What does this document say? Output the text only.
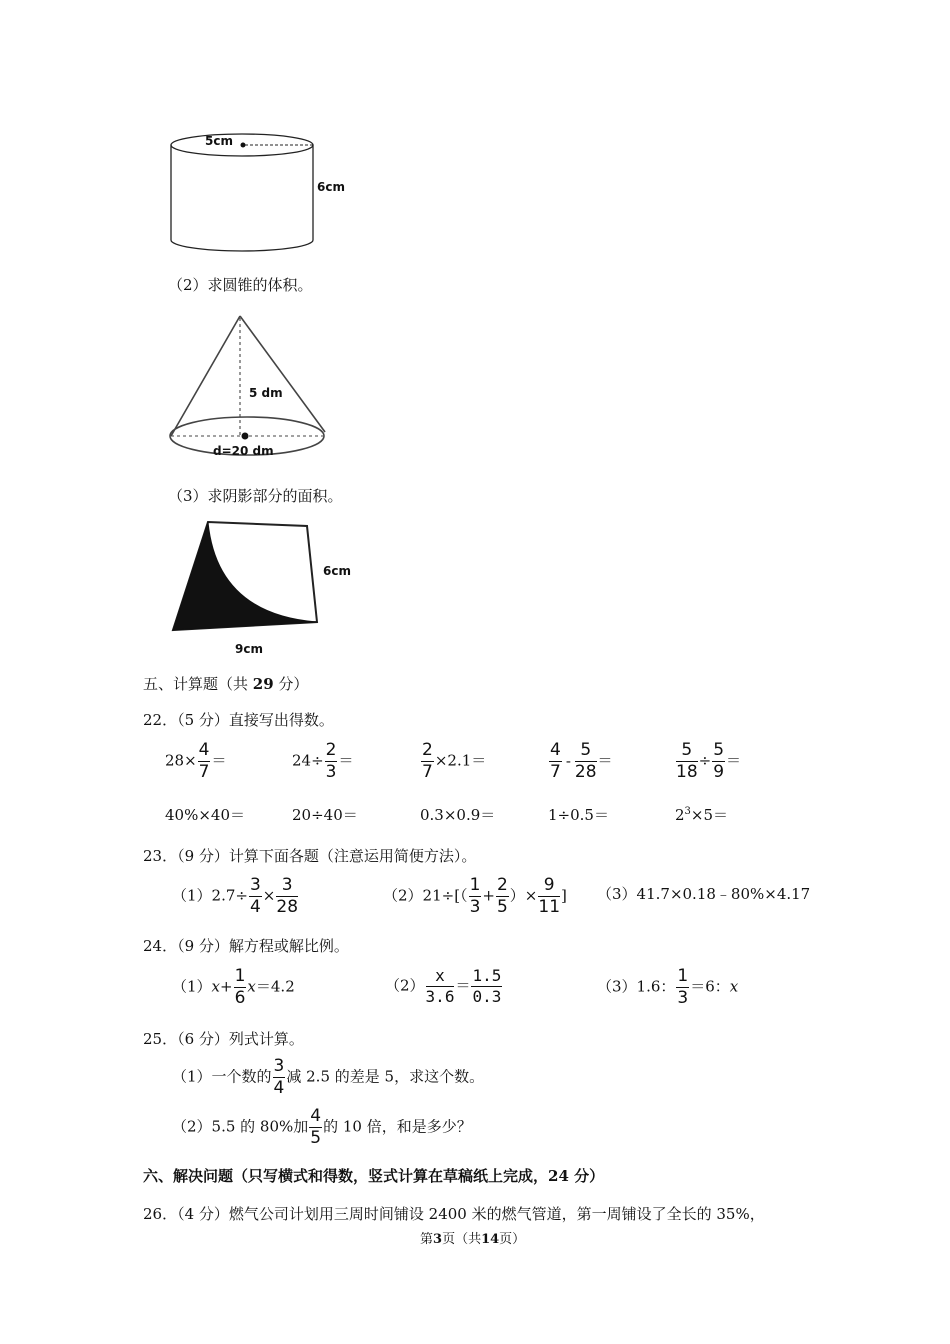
5cm
6cm
（2）求圆锥的体积。
5 dm
d=20 dm
（3）求阴影部分的面积。
6cm
9cm
五、计算题（共 29 分）
22．（5 分）直接写出得数。
$28\times \frac{4}{7}$ ＝	$24\div \frac{2}{3}$ ＝	$\frac{2}{7} \times 2.1=$	$\frac{4}{7} - \frac{5}{28}$ ＝	$\frac{5}{18} \div \frac{5}{9}$ ＝
40%×40＝	20÷40＝	0.3×0.9＝	1÷0.5＝	$2^3\times 5=$
23．（9 分）计算下面各题（注意运用简便方法）。
$(1)2.7\div \frac{3}{4} \times \frac{3}{28}$	$(2)21\div[( \frac{1}{3} + \frac{2}{5}$ ）× $\frac{9}{11}$ ] （3）41.7×0.18﹣80%×4.17
24．（9 分）解方程或解比例。
$(1)x+ \frac{1}{6} x=4.2$	$(2) \frac{x}{3.6} = \frac{1.5}{0.3}$	（3）1.6： $\frac{1}{3} =6$：x
25．（6 分）列式计算。
（1）一个数的 $\frac{3}{4}$ 减 2.5 的差是 5，求这个数。
（2）5.5 的 80%加 $\frac{4}{5}$ 的 10 倍，和是多少？
六、解决问题（只写横式和得数，竖式计算在草稿纸上完成，24 分）
26．（4 分）燃气公司计划用三周时间铺设 2400 米的燃气管道，第一周铺设了全长的 35%，
第3页（共14页）
